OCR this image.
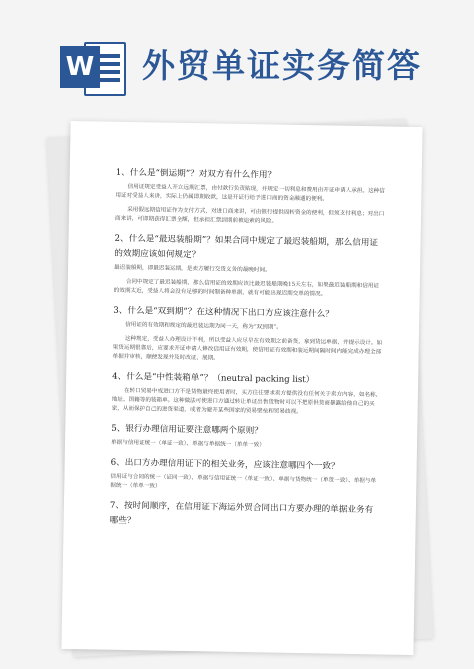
W 外贸单证实务简答
1、什么是“倒运期”？对双方有什么作用？
信用证规定受益人开立远期汇票，由付款行负责贴现，并规定一切利息和费用由开证申请人承担。这种信用证对受益人来讲，实际上仍属即期收款，这是开证行给予进口商的资金融通的便利。
采用假远期信用证作为支付方式，对进口商来讲，可由银行提供周转资金的便利，但须支付利息；对出口商来讲，可即期获得汇票全额，但承担汇票到期前被追索的风险。
2、什么是“最迟装船期”？如果合同中规定了最迟装船期，那么信用证的效期应该如何规定？
最迟装船期，即最迟装运期，是卖方履行交货义务的最晚时间。
合同中规定了最迟装船期，那么信用证的效期应该比最迟装船期晚15天左右，如果最迟装船期和信用证的效期太近，受益人将会没有足够的时间制备种单据，就有可能出现迟期交单的情况。
3、什么是“双到期”？在这种情况下出口方应该注意什么？
信用证的有效期和规定的最迟装运期为同一天，称为“双到期”。
这种规定，受益人办理设计不利，所以受益人应尽早在有效期之前备货，拿到货运单据，并提示设计。如果货运期很靠后，应要求开证申请人修改信用证有效期，使信用证有效期和装运期间隔时间内能完成办理全部单据并审核，顺便发现并及时改证、展期。
4、什么是“中性装箱单”？（neutral packing list）
在转口贸易中或进口方不是货物最终使用者时，买方往往要求卖方提供没有任何关于卖方内容，如名称、地址、国籍等的装箱单。这种做法可使进口方通过转让单证出售货物时可以不把原供货商暴露给他自己的买家，从而保护自己的进货渠道，或者为避开某些国家的贸易壁垒和贸易歧视。
5、银行办理信用证要注意哪两个原则？
单据与信用证统一（单证一致）、单据与单据统一（单单一致）
6、出口方办理信用证下的相关业务，应该注意哪四个一致？
信用证与合同的统一（证同一致）、单据与信用证统一（单证一致）、单据与货物统一（单货一致）、单据与单据统一（单单一致）
7、按时间顺序，在信用证下海运外贸合同出口方要办理的单据业务有哪些？
